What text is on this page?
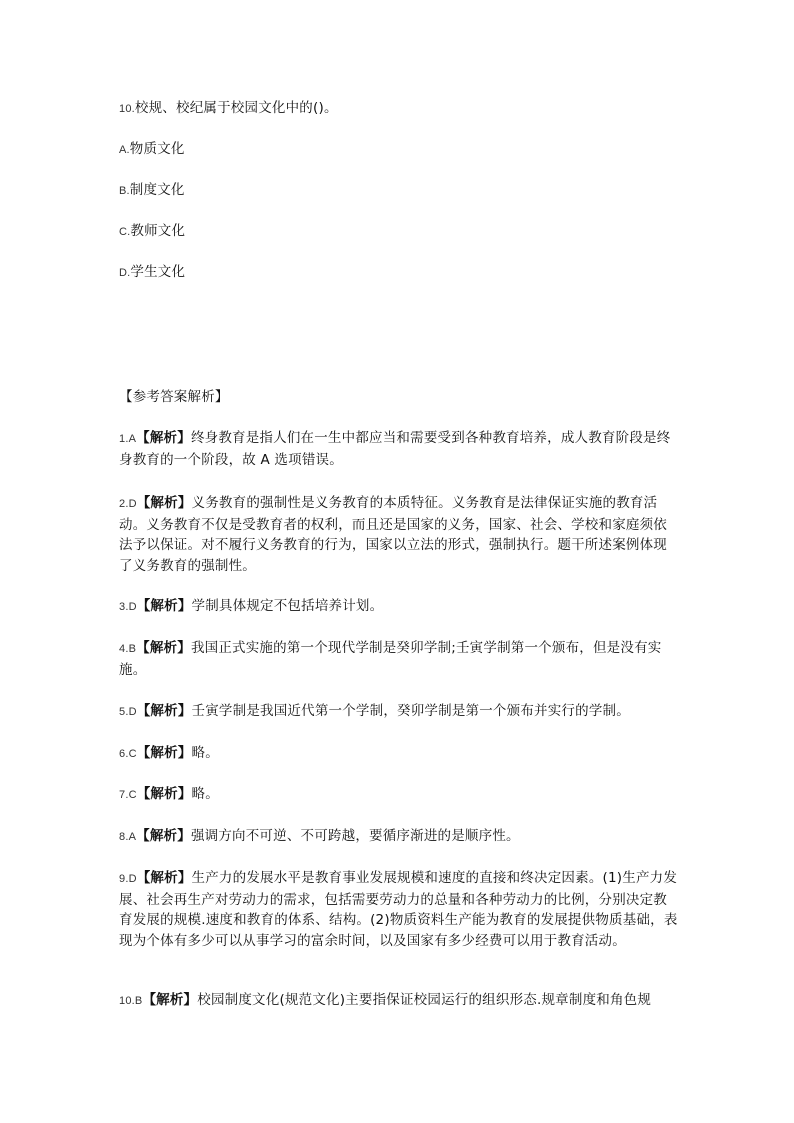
10.校规、校纪属于校园文化中的()。
A.物质文化
B.制度文化
C.教师文化
D.学生文化
【参考答案解析】
1.A【解析】终身教育是指人们在一生中都应当和需要受到各种教育培养，成人教育阶段是终身教育的一个阶段，故 A 选项错误。
2.D【解析】义务教育的强制性是义务教育的本质特征。义务教育是法律保证实施的教育活动。义务教育不仅是受教育者的权利，而且还是国家的义务，国家、社会、学校和家庭须依法予以保证。对不履行义务教育的行为，国家以立法的形式，强制执行。题干所述案例体现了义务教育的强制性。
3.D【解析】学制具体规定不包括培养计划。
4.B【解析】我国正式实施的第一个现代学制是癸卯学制;壬寅学制第一个颁布，但是没有实施。
5.D【解析】壬寅学制是我国近代第一个学制，癸卯学制是第一个颁布并实行的学制。
6.C【解析】略。
7.C【解析】略。
8.A【解析】强调方向不可逆、不可跨越，要循序渐进的是顺序性。
9.D【解析】生产力的发展水平是教育事业发展规模和速度的直接和终决定因素。(1)生产力发展、社会再生产对劳动力的需求，包括需要劳动力的总量和各种劳动力的比例，分别决定教育发展的规模.速度和教育的体系、结构。(2)物质资料生产能为教育的发展提供物质基础，表现为个体有多少可以从事学习的富余时间，以及国家有多少经费可以用于教育活动。
10.B【解析】校园制度文化(规范文化)主要指保证校园运行的组织形态.规章制度和角色规
